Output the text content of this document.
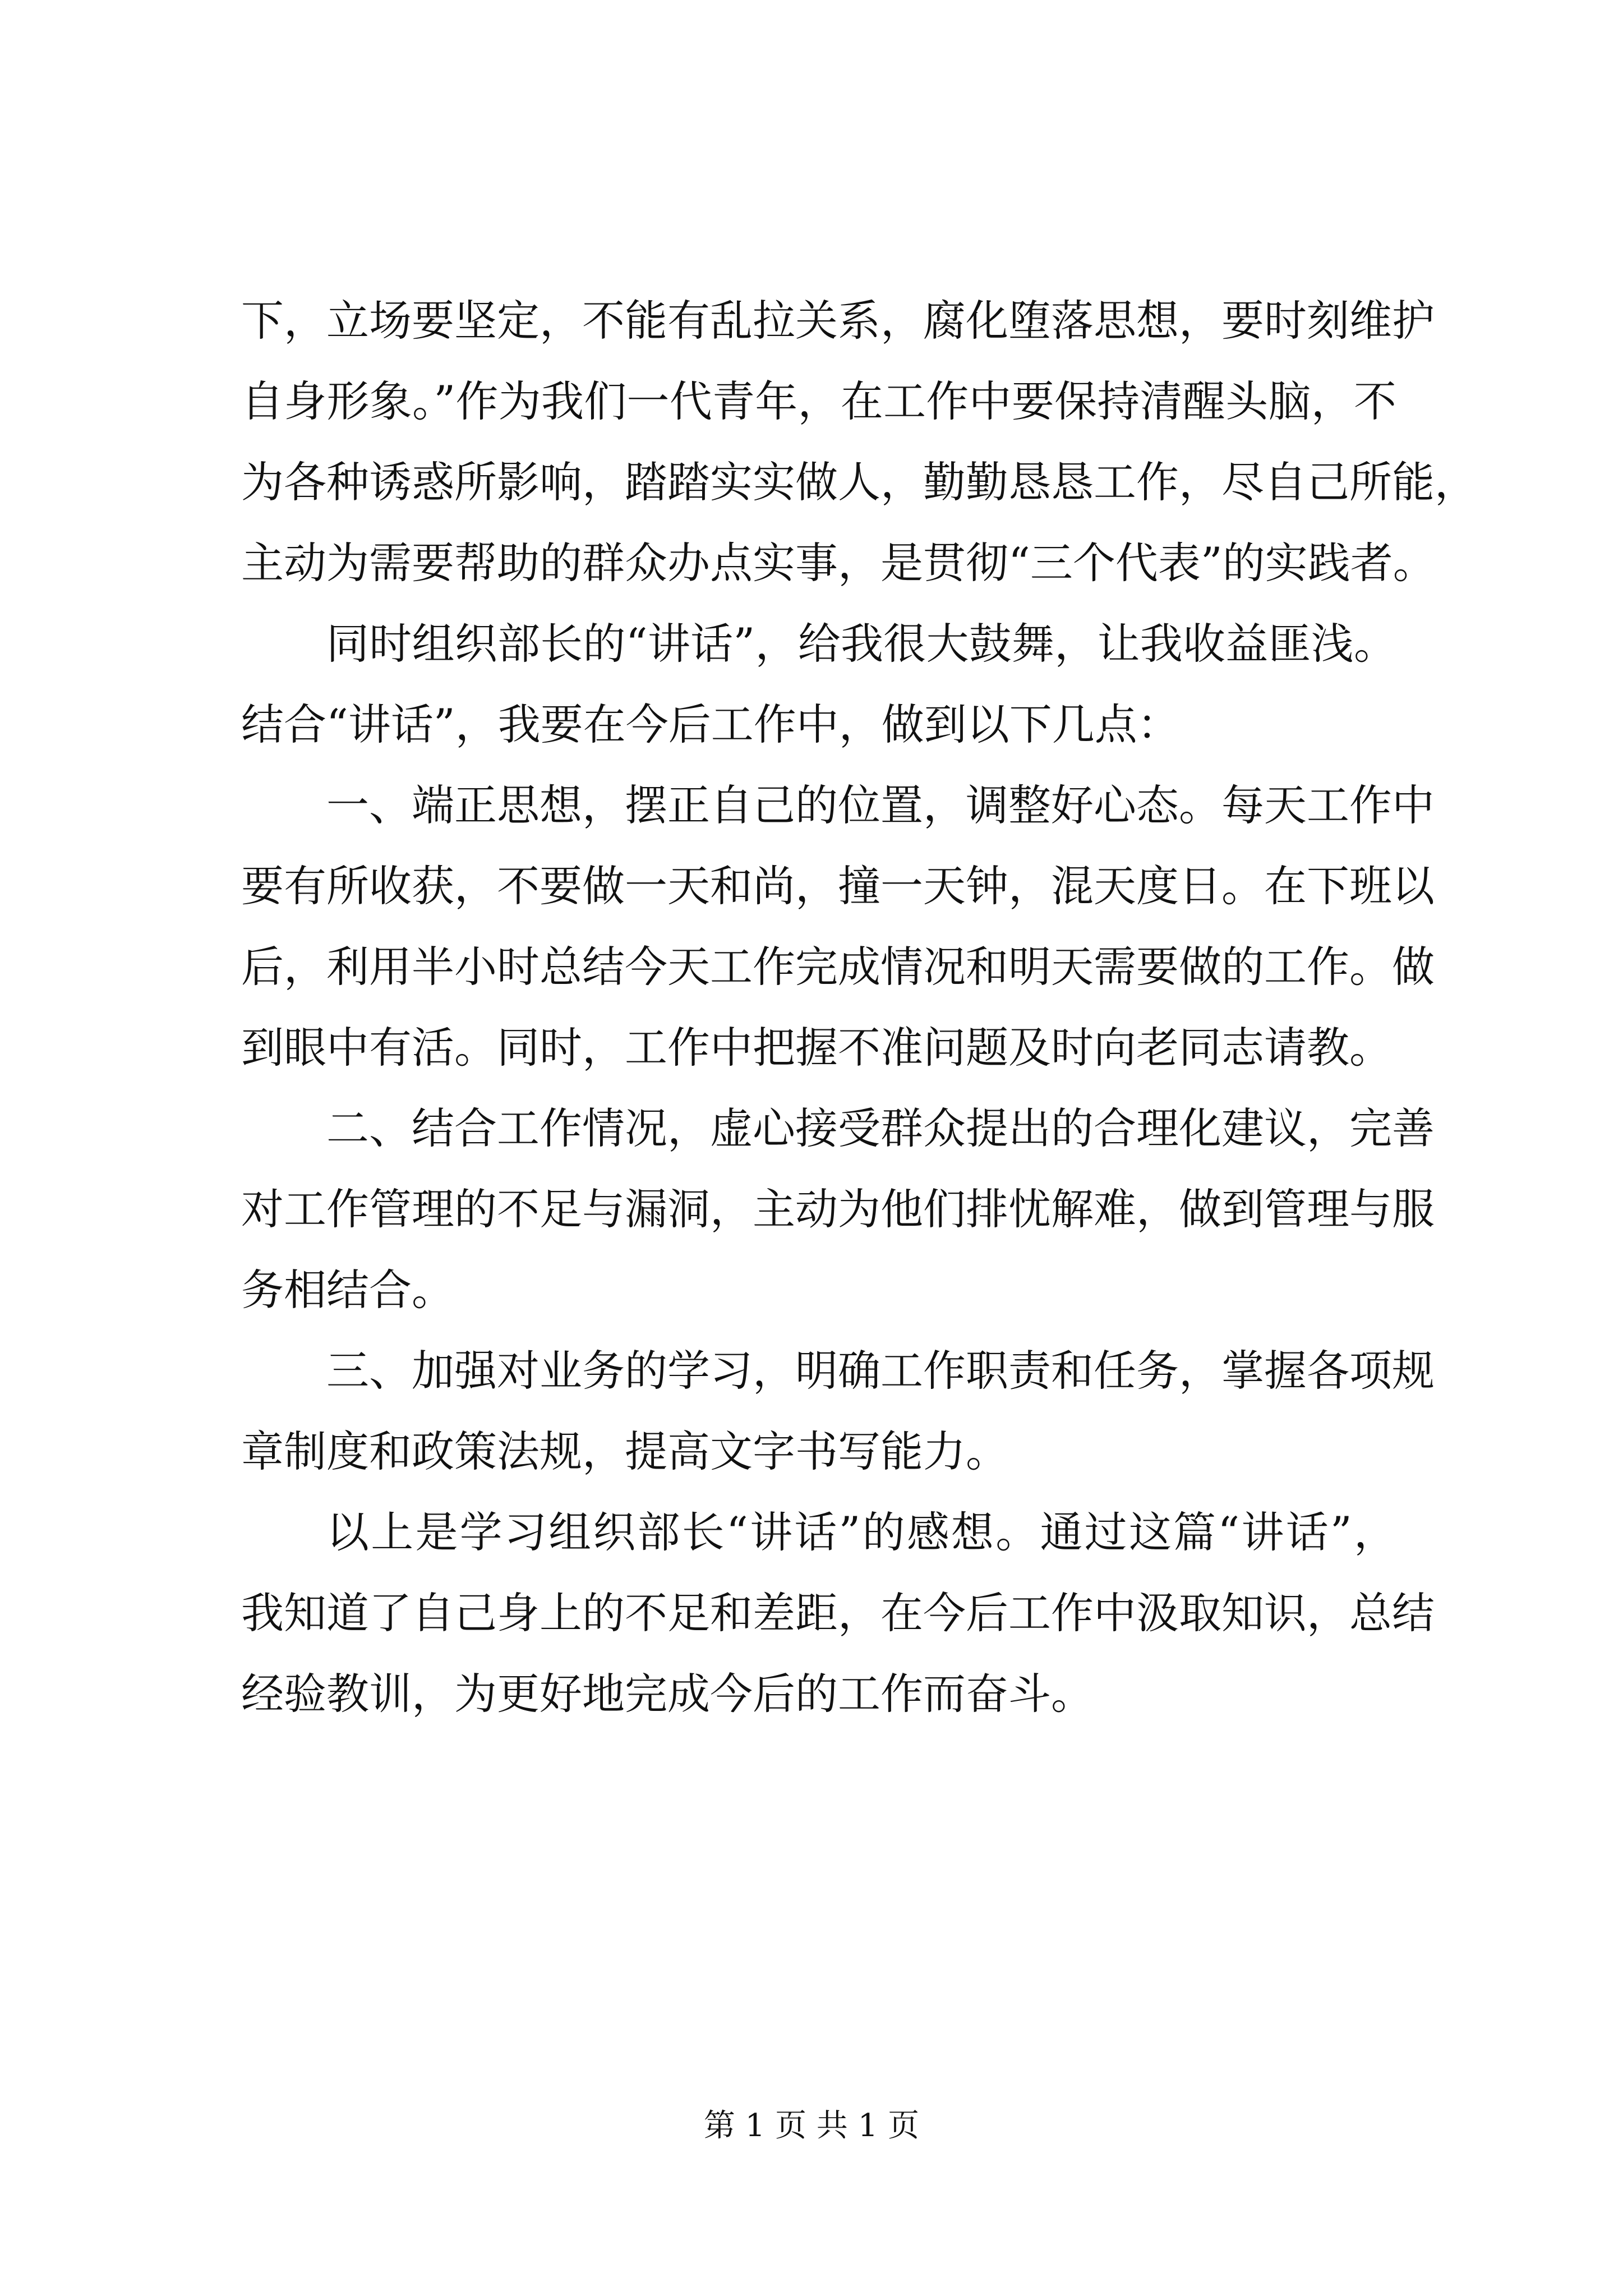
下，立场要坚定，不能有乱拉关系，腐化堕落思想，要时刻维护
自身形象。”作为我们一代青年，在工作中要保持清醒头脑，不
为各种诱惑所影响，踏踏实实做人，勤勤恳恳工作，尽自己所能，
主动为需要帮助的群众办点实事，是贯彻“三个代表”的实践者。
同时组织部长的“讲话”，给我很大鼓舞，让我收益匪浅。
结合“讲话”，我要在今后工作中，做到以下几点：
一、端正思想，摆正自己的位置，调整好心态。每天工作中
要有所收获，不要做一天和尚，撞一天钟，混天度日。在下班以
后，利用半小时总结今天工作完成情况和明天需要做的工作。做
到眼中有活。同时，工作中把握不准问题及时向老同志请教。
二、结合工作情况，虚心接受群众提出的合理化建议，完善
对工作管理的不足与漏洞，主动为他们排忧解难，做到管理与服
务相结合。
三、加强对业务的学习，明确工作职责和任务，掌握各项规
章制度和政策法规，提高文字书写能力。
以上是学习组织部长“讲话”的感想。通过这篇“讲话”，
我知道了自己身上的不足和差距，在今后工作中汲取知识，总结
经验教训，为更好地完成今后的工作而奋斗。
第 1 页 共 1 页
